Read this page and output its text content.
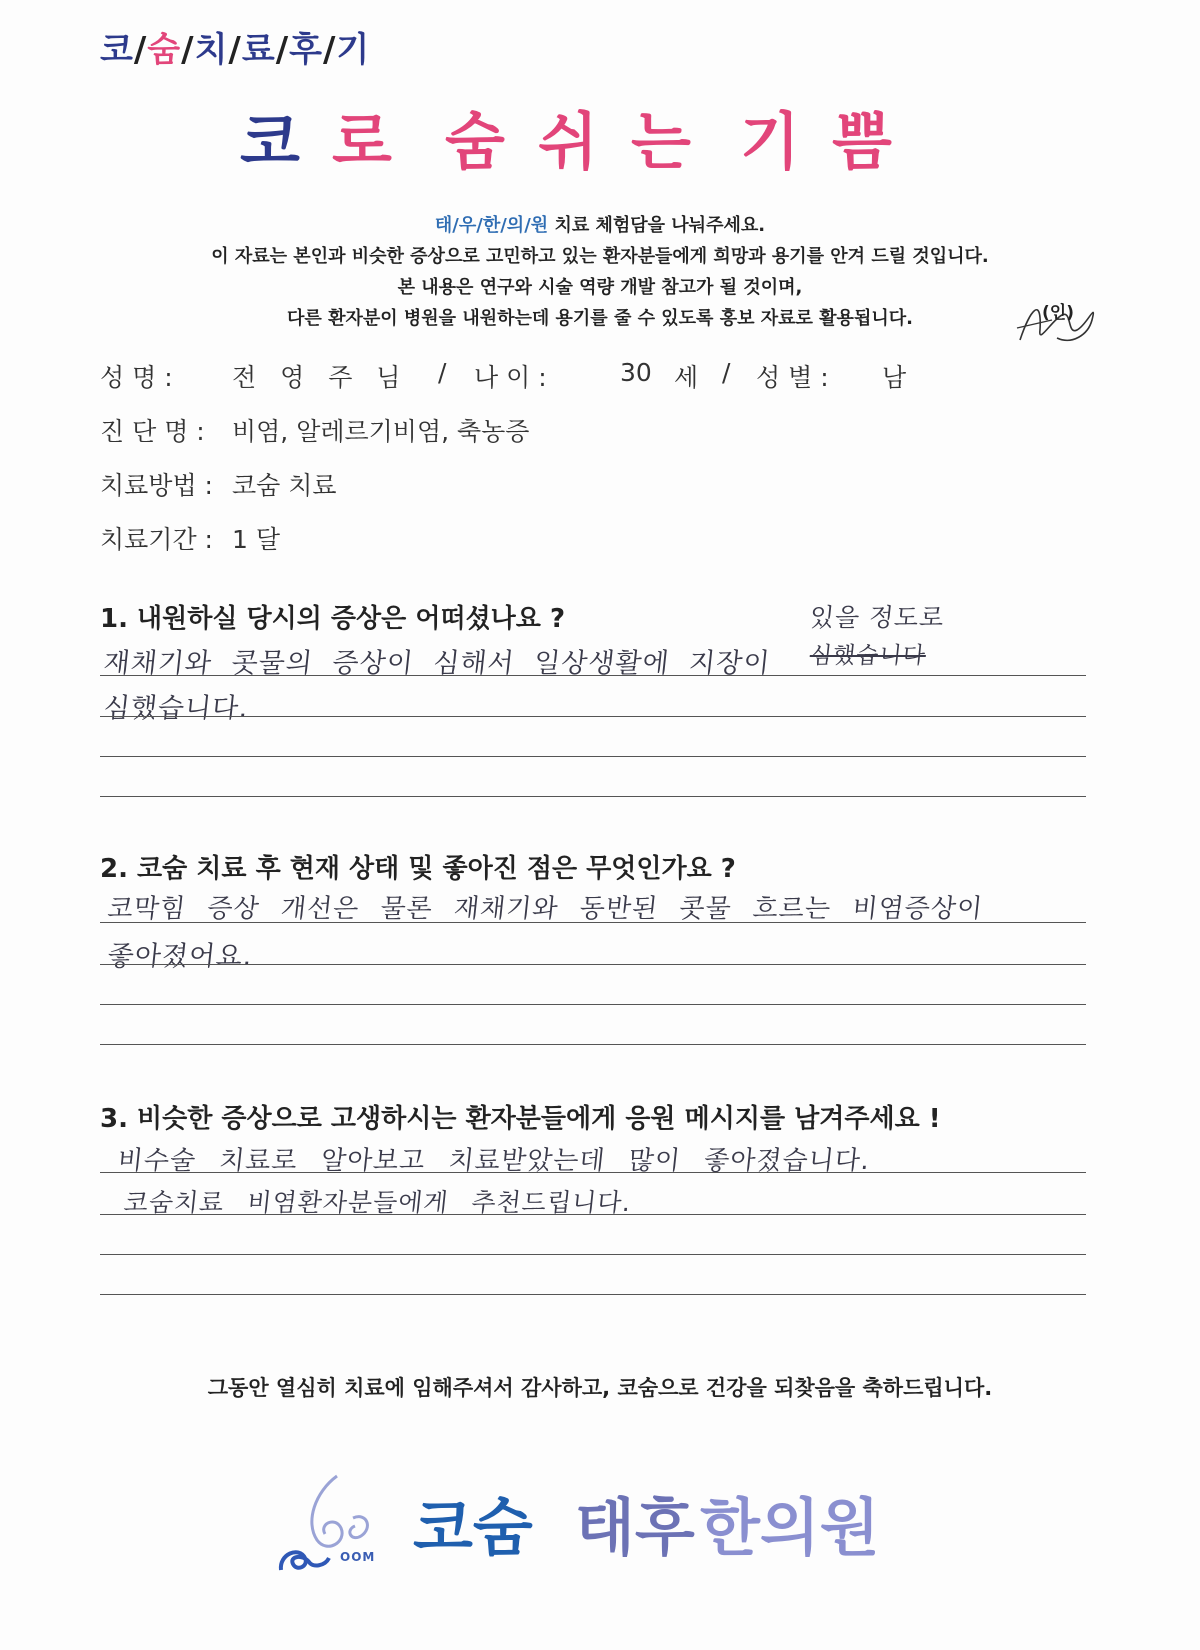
코/숨/치/료/후/기
코 로 숨 쉬 는 기 쁨
태/우/한/의/원 치료 체험담을 나눠주세요.
이 자료는 본인과 비슷한 증상으로 고민하고 있는 환자분들에게 희망과 용기를 안겨 드릴 것입니다.
본 내용은 연구와 시술 역량 개발 참고가 될 것이며,
다른 환자분이 병원을 내원하는데 용기를 줄 수 있도록 홍보 자료로 활용됩니다.	(인)
성 명 : 전 영 주 님 / 나 이 :	30 세 / 성 별 : 남
진 단 명 : 비염, 알레르기비염, 축농증
치료방법 : 코숨 치료
치료기간 : 1 달
1. 내원하실 당시의 증상은 어떠셨나요 ?	있을 정도로
재채기와 콧물의 증상이 심해서 일상생활에 지장이 심했습니다
심했습니다.
2. 코숨 치료 후 현재 상태 및 좋아진 점은 무엇인가요 ?
코막힘 증상 개선은 물론 재채기와 동반된 콧물 흐르는 비염증상이
좋아졌어요.
3. 비슷한 증상으로 고생하시는 환자분들에게 응원 메시지를 남겨주세요 !
비수술 치료로 알아보고 치료받았는데 많이 좋아졌습니다.
코숨치료 비염환자분들에게 추천드립니다.
그동안 열심히 치료에 임해주셔서 감사하고, 코숨으로 건강을 되찾음을 축하드립니다.
OOM 코숨 태후 한의원
